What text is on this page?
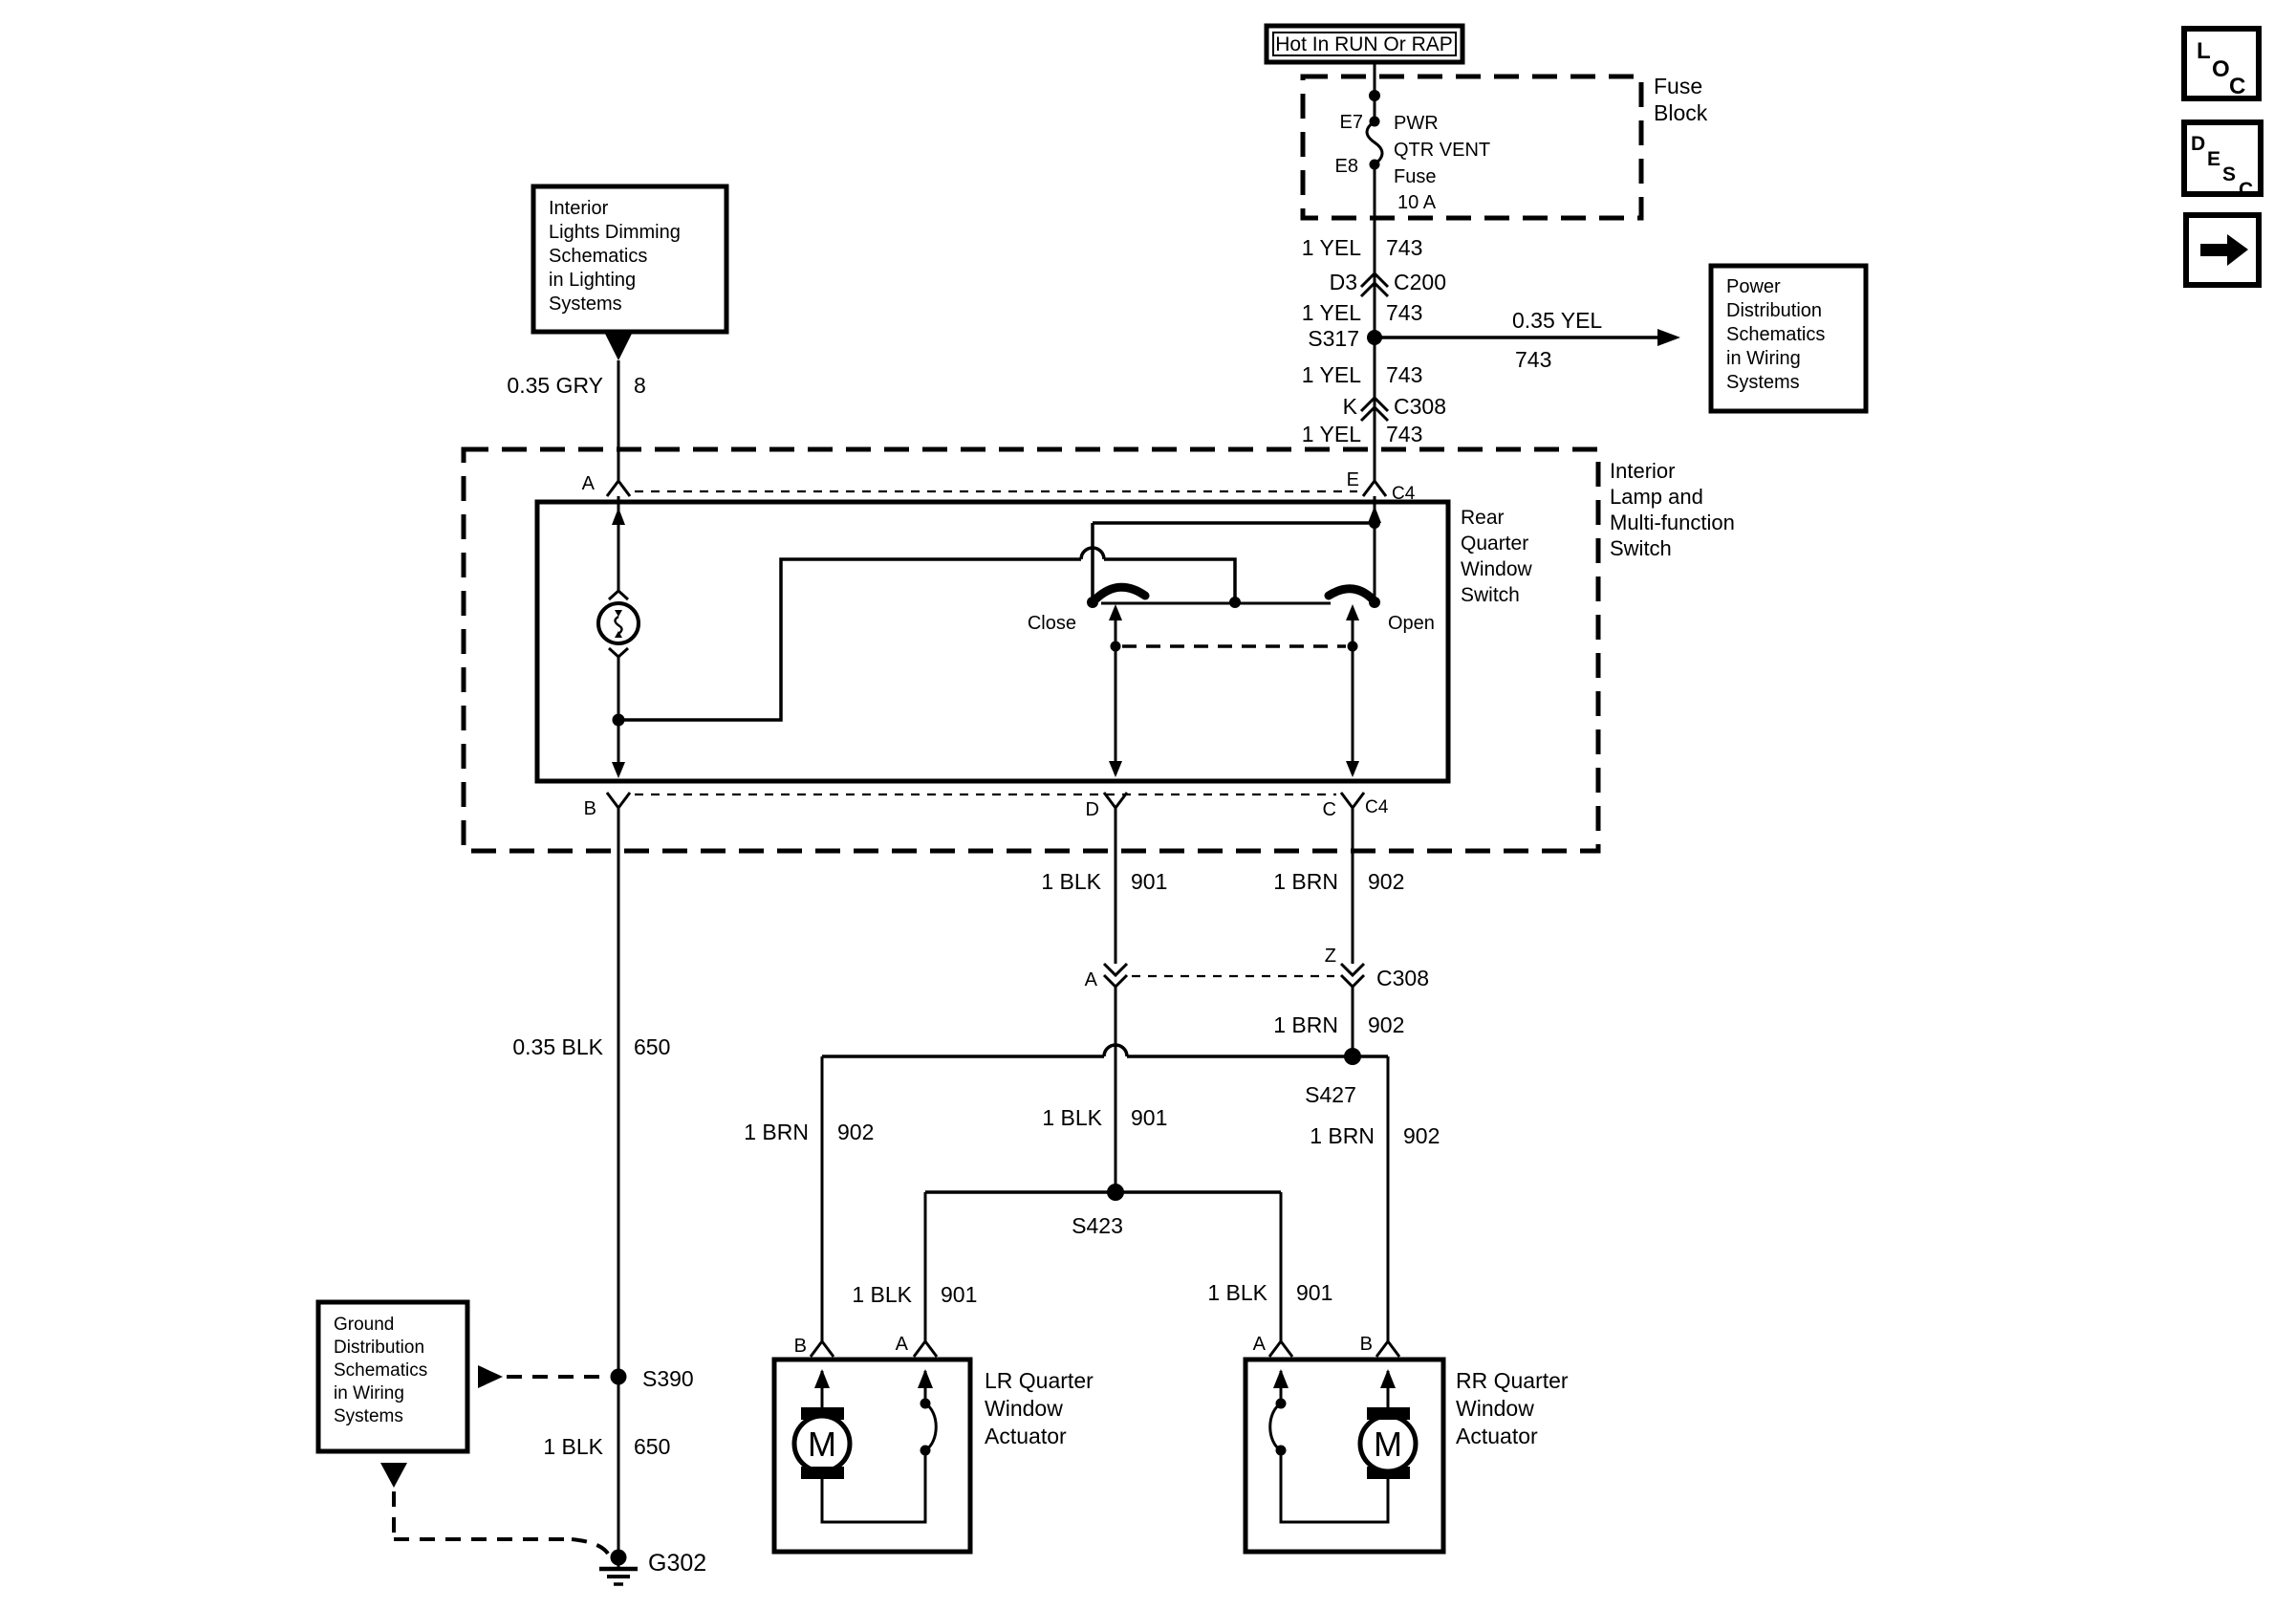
L
O
C
D
E
S
C
Hot In RUN Or RAP
E7
E8
PWR
QTR VENT
Fuse
10 A
Fuse
Block
1 YEL 743
D3 C200
1 YEL 743
S317
0.35 YEL
743
1 YEL 743
K C308
1 YEL 743
Power
Distribution
Schematics
in Wiring
Systems
Interior
Lights Dimming
Schematics
in Lighting
Systems
0.35 GRY 8
Interior
Lamp and
Multi-function
Switch
E
C4
A
Rear
Quarter
Window
Switch
Close	Open
B	D	C C4
0.35 BLK 650
S390
1 BLK 650
G302
Ground
Distribution
Schematics
in Wiring
Systems
1 BLK 901	1 BRN 902
A
Z
C308
1 BRN 902
S427
1 BRN 902	1 BRN 902
1 BLK 901
S423
1 BLK 901	1 BLK 901
B	A
M
LR Quarter
Window
Actuator
A	B
M
RR Quarter
Window
Actuator
